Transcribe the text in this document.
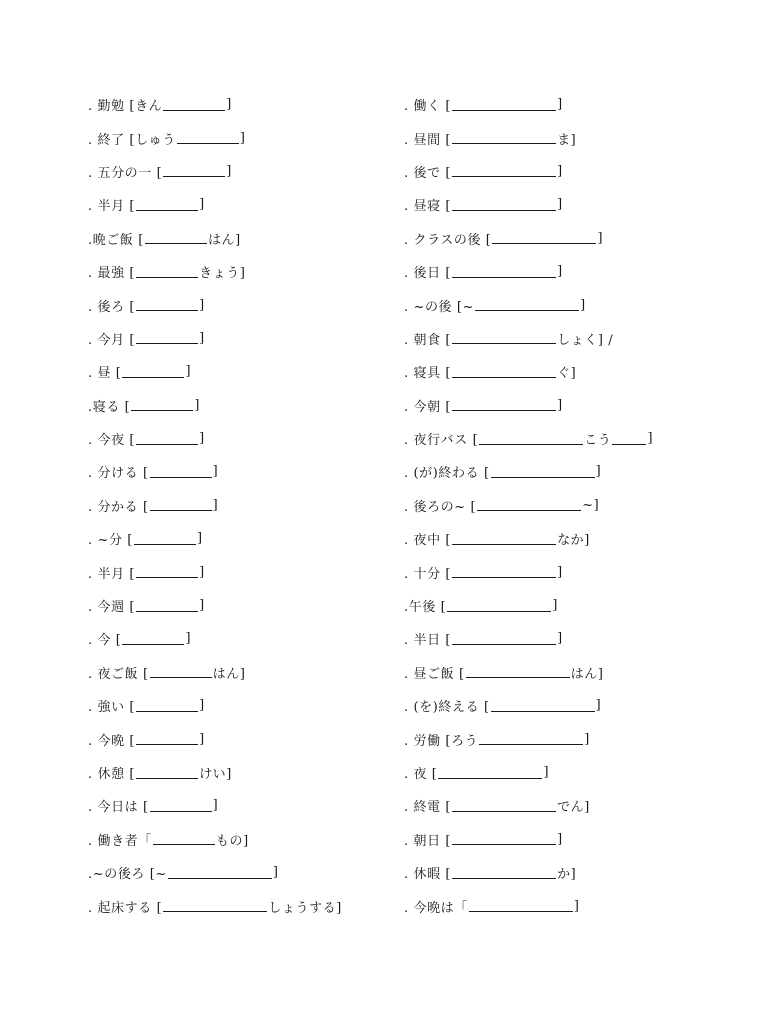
. 勤勉 [きん	]
. 終了 [しゅう	]
. 五分の一 [	]
. 半月 [	]
.晩ご飯 [	はん]
. 最強 [	きょう]
. 後ろ [	]
. 今月 [	]
. 昼 [	]
.寝る [	]
. 今夜 [	]
. 分ける [	]
. 分かる [	]
. ~分 [	]
. 半月 [	]
. 今週 [	]
. 今 [	]
. 夜ご飯 [	はん]
. 強い [	]
. 今晩 [	]
. 休憩 [	けい]
. 今日は [	]
. 働き者「	もの]
.~の後ろ [~	]
. 起床する [	しょうする]
. 働く [	]
. 昼間 [	ま]
. 後で [	]
. 昼寝 [	]
. クラスの後 [	]
. 後日 [	]
. ~の後 [~	]
. 朝食 [	しょく] /
. 寝具 [	ぐ]
. 今朝 [	]
. 夜行バス [	こう	]
. (が)終わる [	]
. 後ろの~ [	~]
. 夜中 [	なか]
. 十分 [	]
.午後 [	]
. 半日 [	]
. 昼ご飯 [	はん]
. (を)終える [	]
. 労働 [ろう	]
. 夜 [	]
. 終電 [	でん]
. 朝日 [	]
. 休暇 [	か]
. 今晩は「	]
